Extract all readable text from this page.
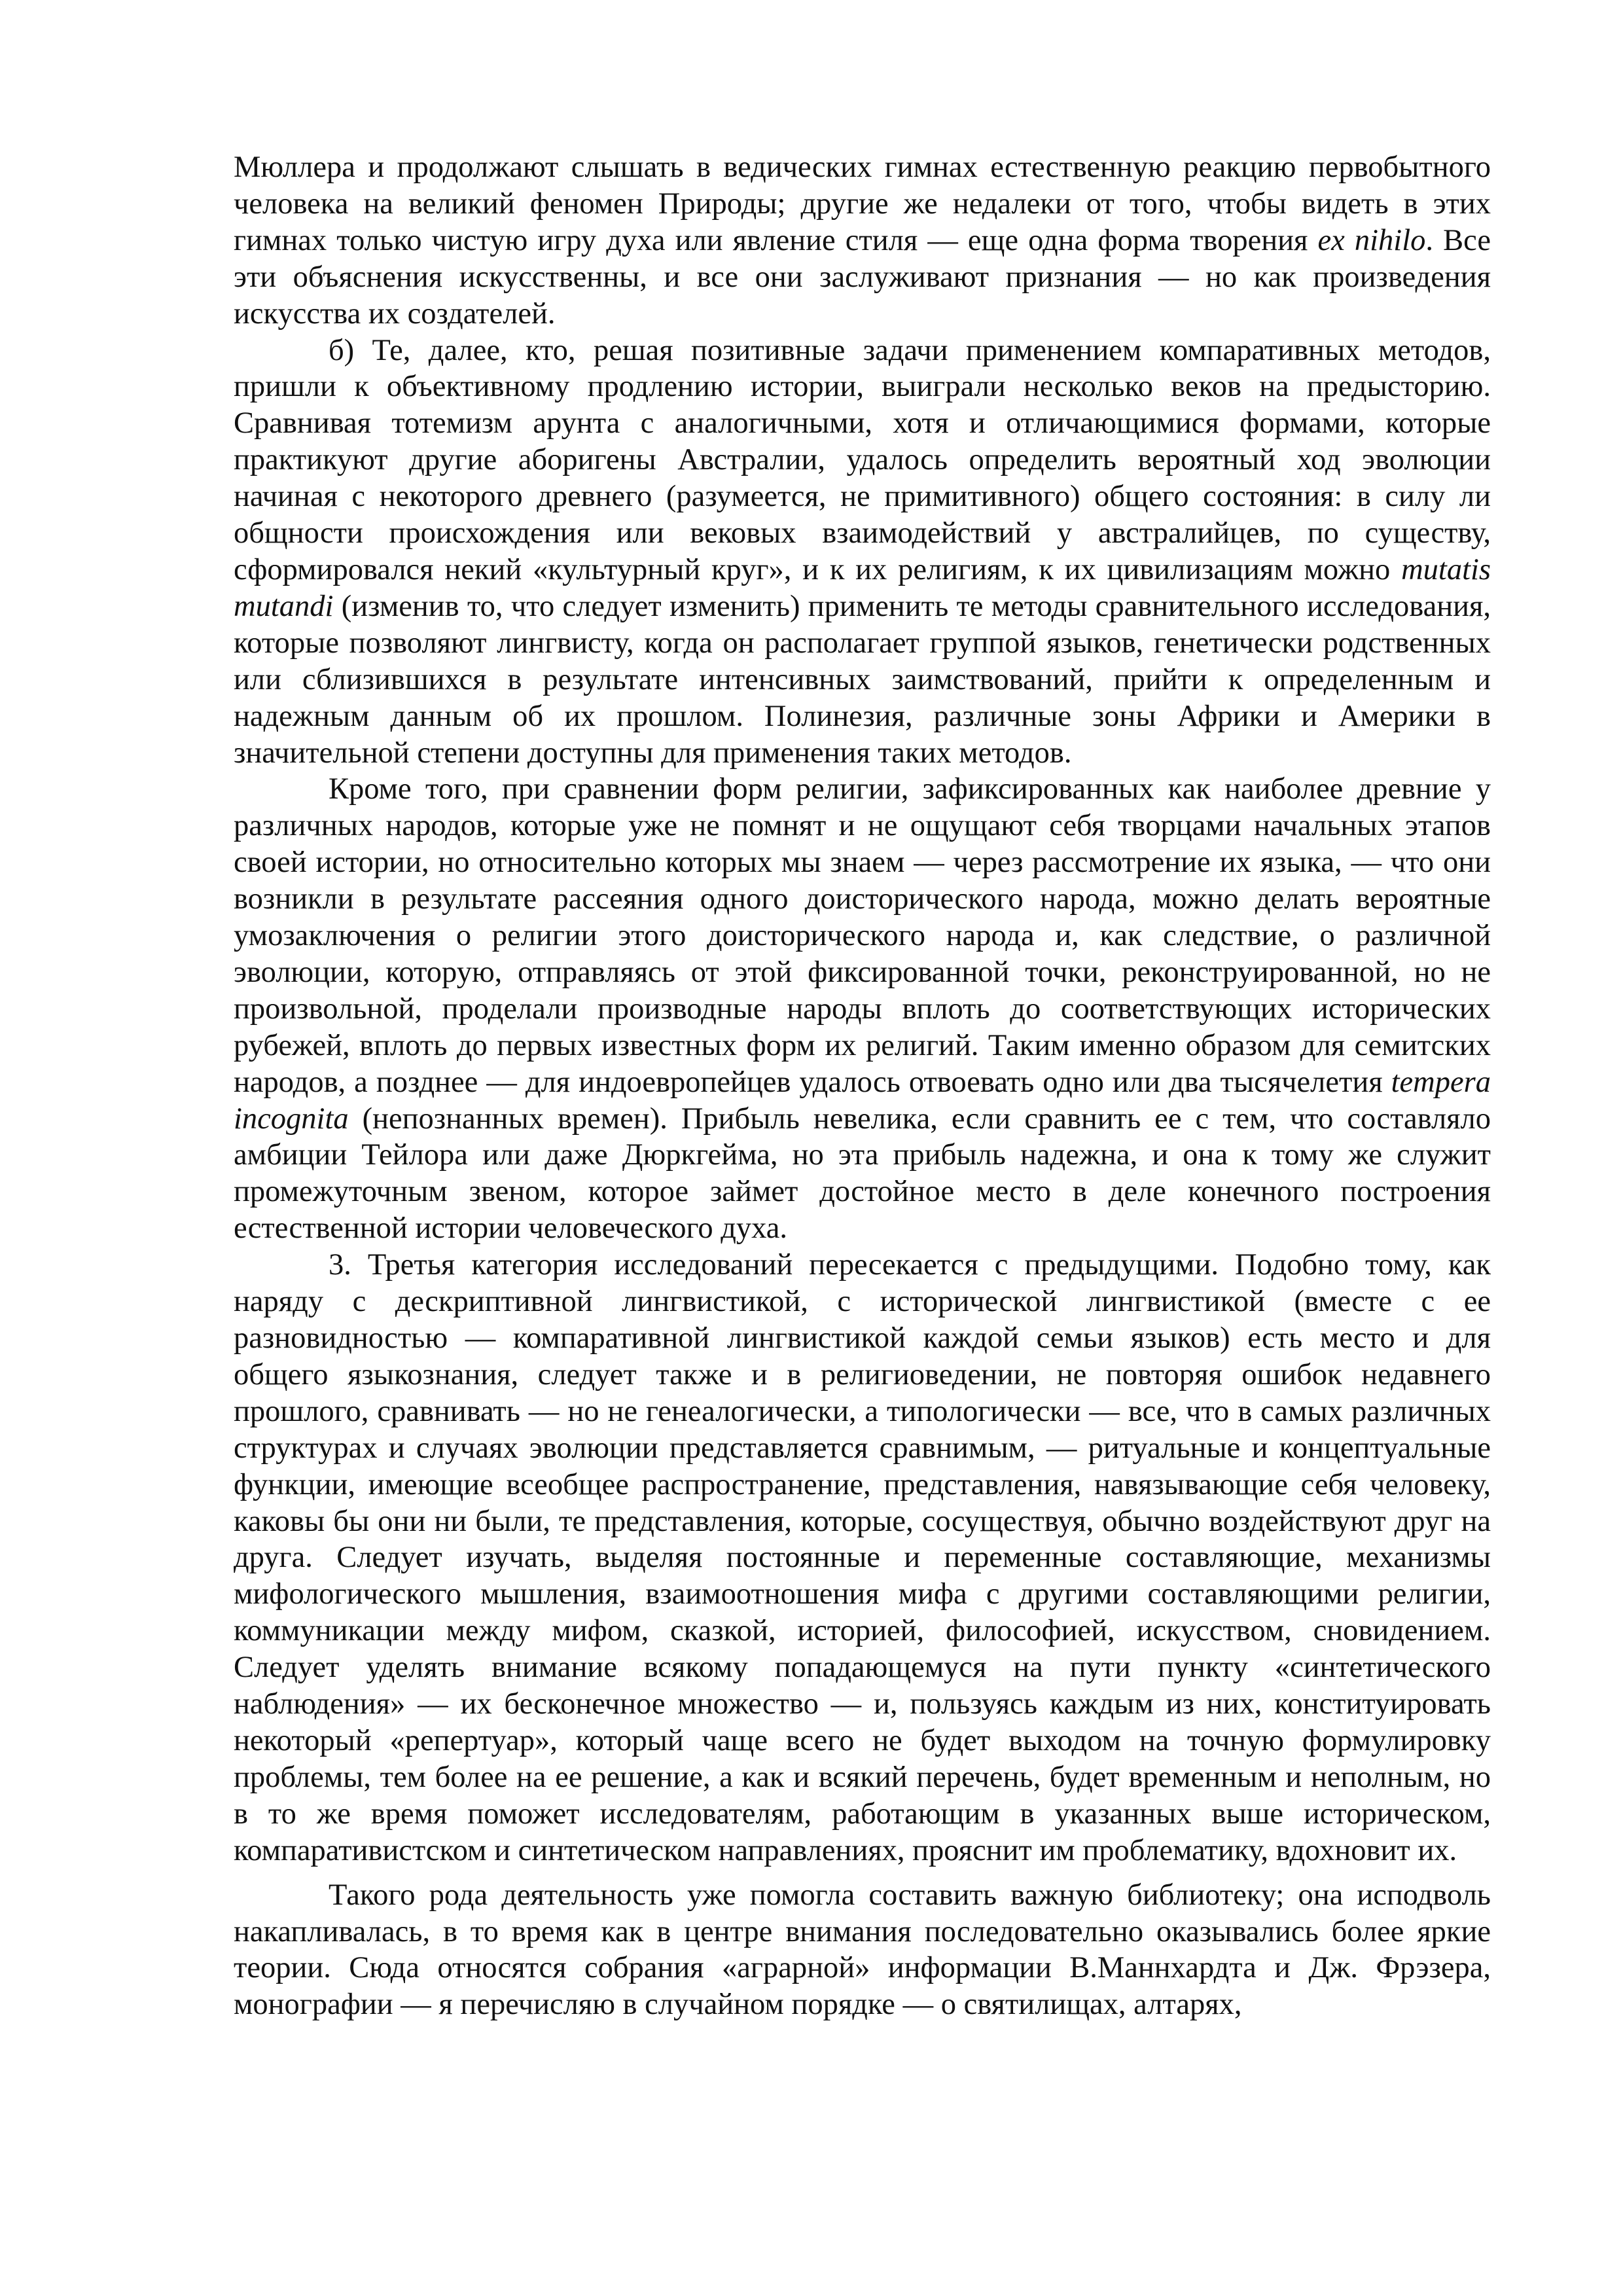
Мюллера и продолжают слышать в ведических гимнах естественную реакцию первобытного человека на великий феномен Природы; другие же недалеки от того, чтобы видеть в этих гимнах только чистую игру духа или явление стиля — еще одна форма творения ex nihilo. Все эти объяснения искусственны, и все они заслуживают признания — но как произведения искусства их создателей.

б) Те, далее, кто, решая позитивные задачи применением компаративных методов, пришли к объективному продлению истории, выиграли несколько веков на предысторию. Сравнивая тотемизм арунта с аналогичными, хотя и отличающимися формами, которые практикуют другие аборигены Австралии, удалось определить вероятный ход эволюции начиная с некоторого древнего (разумеется, не примитивного) общего состояния: в силу ли общности происхождения или вековых взаимодействий у австралийцев, по существу, сформировался некий «культурный круг», и к их религиям, к их цивилизациям можно mutatis mutandi (изменив то, что следует изменить) применить те методы сравнительного исследования, которые позволяют лингвисту, когда он располагает группой языков, генетически родственных или сблизившихся в результате интенсивных заимствований, прийти к определенным и надежным данным об их прошлом. Полинезия, различные зоны Африки и Америки в значительной степени доступны для применения таких методов.

Кроме того, при сравнении форм религии, зафиксированных как наиболее древние у различных народов, которые уже не помнят и не ощущают себя творцами начальных этапов своей истории, но относительно которых мы знаем — через рассмотрение их языка, — что они возникли в результате рассеяния одного доисторического народа, можно делать вероятные умозаключения о религии этого доисторического народа и, как следствие, о различной эволюции, которую, отправляясь от этой фиксированной точки, реконструированной, но не произвольной, проделали производные народы вплоть до соответствующих исторических рубежей, вплоть до первых известных форм их религий. Таким именно образом для семитских народов, а позднее — для индоевропейцев удалось отвоевать одно или два тысячелетия tempera incognita (непознанных времен). Прибыль невелика, если сравнить ее с тем, что составляло амбиции Тейлора или даже Дюркгейма, но эта прибыль надежна, и она к тому же служит промежуточным звеном, которое займет достойное место в деле конечного построения естественной истории человеческого духа.

3. Третья категория исследований пересекается с предыдущими. Подобно тому, как наряду с дескриптивной лингвистикой, с исторической лингвистикой (вместе с ее разновидностью — компаративной лингвистикой каждой семьи языков) есть место и для общего языкознания, следует также и в религиоведении, не повторяя ошибок недавнего прошлого, сравнивать — но не генеалогически, а типологически — все, что в самых различных структурах и случаях эволюции представляется сравнимым, — ритуальные и концептуальные функции, имеющие всеобщее распространение, представления, навязывающие себя человеку, каковы бы они ни были, те представления, которые, сосуществуя, обычно воздействуют друг на друга. Следует изучать, выделяя постоянные и переменные составляющие, механизмы мифологического мышления, взаимоотношения мифа с другими составляющими религии, коммуникации между мифом, сказкой, историей, философией, искусством, сновидением. Следует уделять внимание всякому попадающемуся на пути пункту «синтетического наблюдения» — их бесконечное множество — и, пользуясь каждым из них, конституировать некоторый «репертуар», который чаще всего не будет выходом на точную формулировку проблемы, тем более на ее решение, а как и всякий перечень, будет временным и неполным, но в то же время поможет исследователям, работающим в указанных выше историческом, компаративистском и синтетическом направлениях, прояснит им проблематику, вдохновит их.

Такого рода деятельность уже помогла составить важную библиотеку; она исподволь накапливалась, в то время как в центре внимания последовательно оказывались более яркие теории. Сюда относятся собрания «аграрной» информации В.Маннхардта и Дж. Фрэзера, монографии — я перечисляю в случайном порядке — о святилищах, алтарях,
